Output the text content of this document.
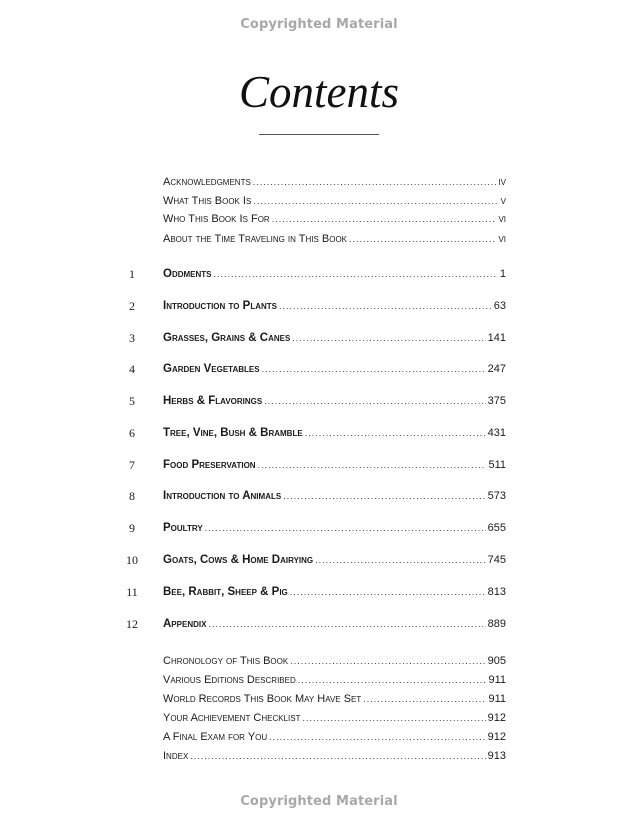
Copyrighted Material
Contents
Acknowledgments .....	iv
What This Book Is .....	v
Who This Book Is For .....	vi
About the Time Traveling in This Book .....	vi
1	Oddments .....	1
2	Introduction to Plants .....	63
3	Grasses, Grains & Canes .....	141
4	Garden Vegetables .....	247
5	Herbs & Flavorings .....	375
6	Tree, Vine, Bush & Bramble .....	431
7	Food Preservation .....	511
8	Introduction to Animals .....	573
9	Poultry .....	655
10	Goats, Cows & Home Dairying .....	745
11	Bee, Rabbit, Sheep & Pig .....	813
12	Appendix .....	889
Chronology of This Book .....	905
Various Editions Described .....	911
World Records This Book May Have Set .....	911
Your Achievement Checklist .....	912
A Final Exam for You .....	912
Index .....	913
Copyrighted Material
